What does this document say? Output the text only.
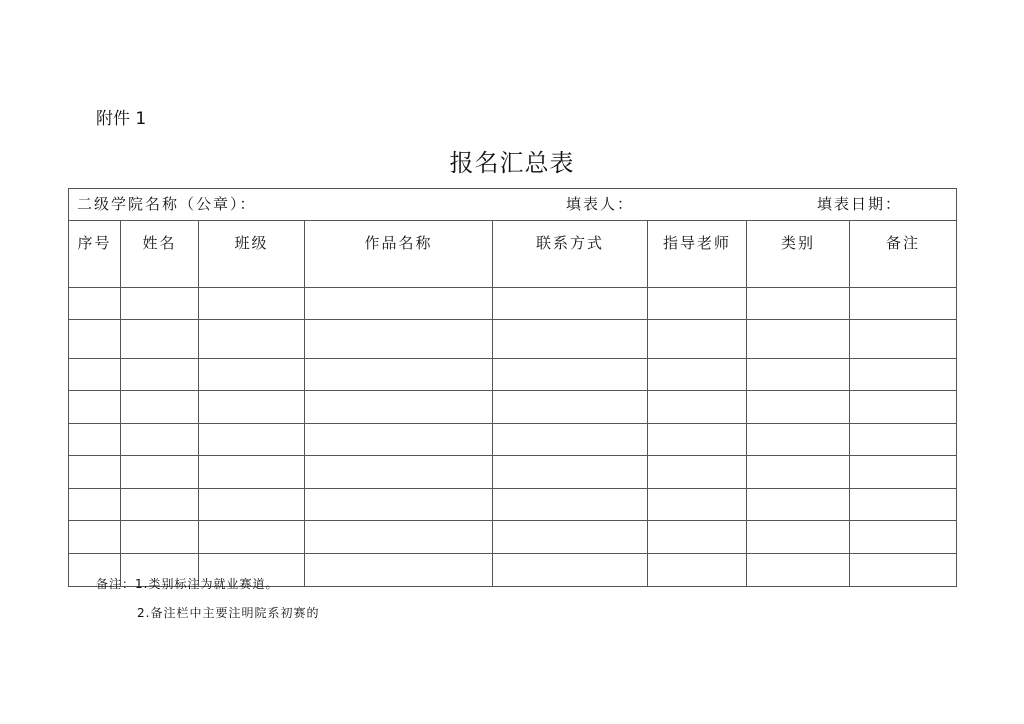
附件 1
报名汇总表
二级学院名称（公章）： 填表人： 填表日期：							

序号	姓名	班级	作品名称	联系方式	指导老师	类别	备注

备注：1.类别标注为就业赛道。
2.备注栏中主要注明院系初赛的
